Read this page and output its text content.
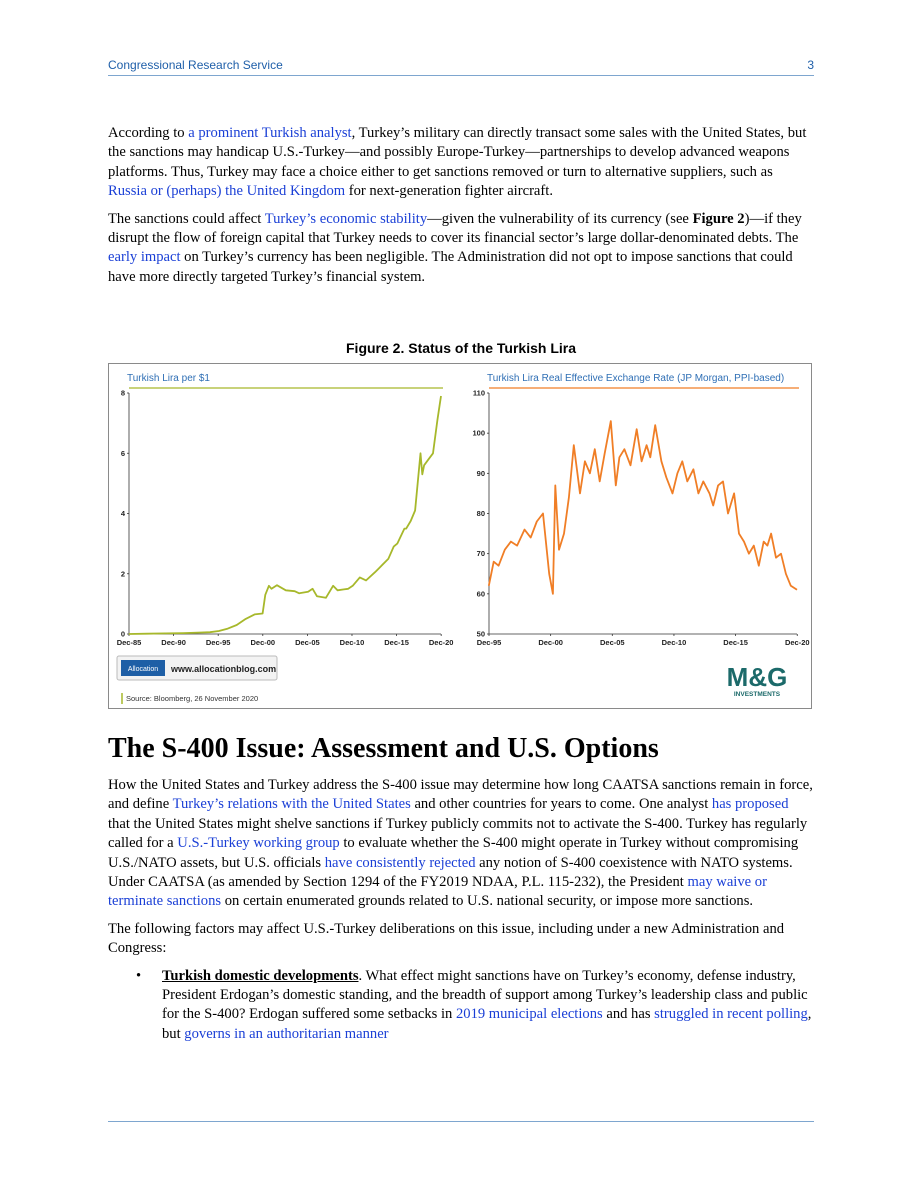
Congressional Research Service	3

According to a prominent Turkish analyst, Turkey’s military can directly transact some sales with the United States, but the sanctions may handicap U.S.-Turkey—and possibly Europe-Turkey—partnerships to develop advanced weapons platforms. Thus, Turkey may face a choice either to get sanctions removed or turn to alternative suppliers, such as Russia or (perhaps) the United Kingdom for next-generation fighter aircraft.

The sanctions could affect Turkey’s economic stability—given the vulnerability of its currency (see Figure 2)—if they disrupt the flow of foreign capital that Turkey needs to cover its financial sector’s large dollar-denominated debts. The early impact on Turkey’s currency has been negligible. The Administration did not opt to impose sanctions that could have more directly targeted Turkey’s financial system.

Figure 2. Status of the Turkish Lira
Turkish Lira per $1
0
2
4
6
8
Dec-85	Dec-90	Dec-95	Dec-00	Dec-05	Dec-10	Dec-15	Dec-20
Turkish Lira Real Effective Exchange Rate (JP Morgan, PPI-based)
50
60
70
80
90
100
110
Dec-95	Dec-00	Dec-05	Dec-10	Dec-15	Dec-20
Allocation www.allocationblog.com
Source: Bloomberg, 26 November 2020
M&G
INVESTMENTS
The S-400 Issue: Assessment and U.S. Options

How the United States and Turkey address the S-400 issue may determine how long CAATSA sanctions remain in force, and define Turkey’s relations with the United States and other countries for years to come. One analyst has proposed that the United States might shelve sanctions if Turkey publicly commits not to activate the S-400. Turkey has regularly called for a U.S.-Turkey working group to evaluate whether the S-400 might operate in Turkey without compromising U.S./NATO assets, but U.S. officials have consistently rejected any notion of S-400 coexistence with NATO systems. Under CAATSA (as amended by Section 1294 of the FY2019 NDAA, P.L. 115-232), the President may waive or terminate sanctions on certain enumerated grounds related to U.S. national security, or impose more sanctions.

The following factors may affect U.S.-Turkey deliberations on this issue, including under a new Administration and Congress:

•	Turkish domestic developments. What effect might sanctions have on Turkey’s economy, defense industry, President Erdogan’s domestic standing, and the breadth of support among Turkey’s leadership class and public for the S-400? Erdogan suffered some setbacks in 2019 municipal elections and has struggled in recent polling, but governs in an authoritarian manner
